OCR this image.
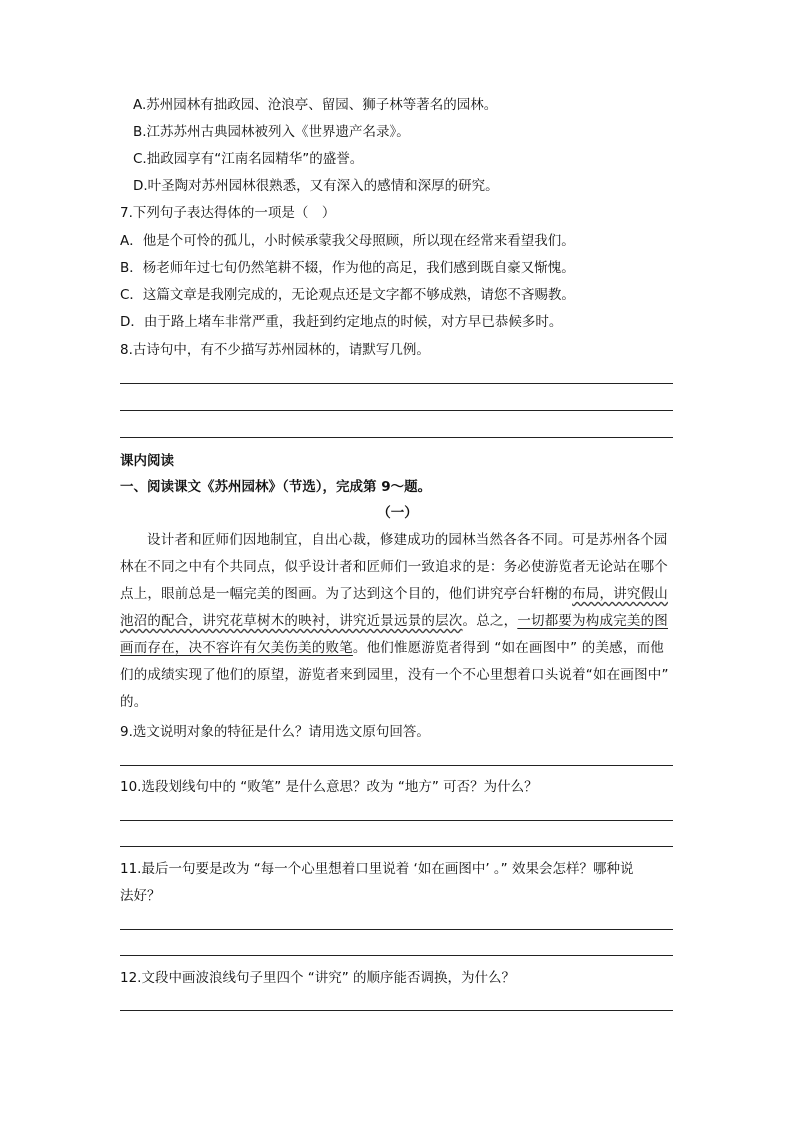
A.苏州园林有拙政园、沧浪亭、留园、狮子林等著名的园林。
B.江苏苏州古典园林被列入《世界遗产名录》。
C.拙政园享有“江南名园精华”的盛誉。
D.叶圣陶对苏州园林很熟悉，又有深入的感情和深厚的研究。
7.下列句子表达得体的一项是（　）
A．他是个可怜的孤儿，小时候承蒙我父母照顾，所以现在经常来看望我们。
B．杨老师年过七旬仍然笔耕不辍，作为他的高足，我们感到既自豪又惭愧。
C．这篇文章是我刚完成的，无论观点还是文字都不够成熟，请您不吝赐教。
D．由于路上堵车非常严重，我赶到约定地点的时候，对方早已恭候多时。
8.古诗句中，有不少描写苏州园林的，请默写几例。
课内阅读
一、阅读课文《苏州园林》（节选），完成第 9～题。
（一）
设计者和匠师们因地制宜，自出心裁，修建成功的园林当然各各不同。可是苏州各个园
林在不同之中有个共同点，似乎设计者和匠师们一致追求的是：务必使游览者无论站在哪个
点上，眼前总是一幅完美的图画。为了达到这个目的，他们讲究亭台轩榭的布局，讲究假山
池沼的配合，讲究花草树木的映衬，讲究近景远景的层次。总之，一切都要为构成完美的图
画而存在，决不容许有欠美伤美的败笔。他们惟愿游览者得到 “如在画图中” 的美感，而他
们的成绩实现了他们的原望，游览者来到园里，没有一个不心里想着口头说着“如在画图中”
的。
9.选文说明对象的特征是什么？请用选文原句回答。
10.选段划线句中的 “败笔” 是什么意思？改为 “地方” 可否？为什么？
11.最后一句要是改为 “每一个心里想着口里说着 ‘如在画图中’ 。” 效果会怎样？哪种说
法好？
12.文段中画波浪线句子里四个 “讲究” 的顺序能否调换，为什么？
